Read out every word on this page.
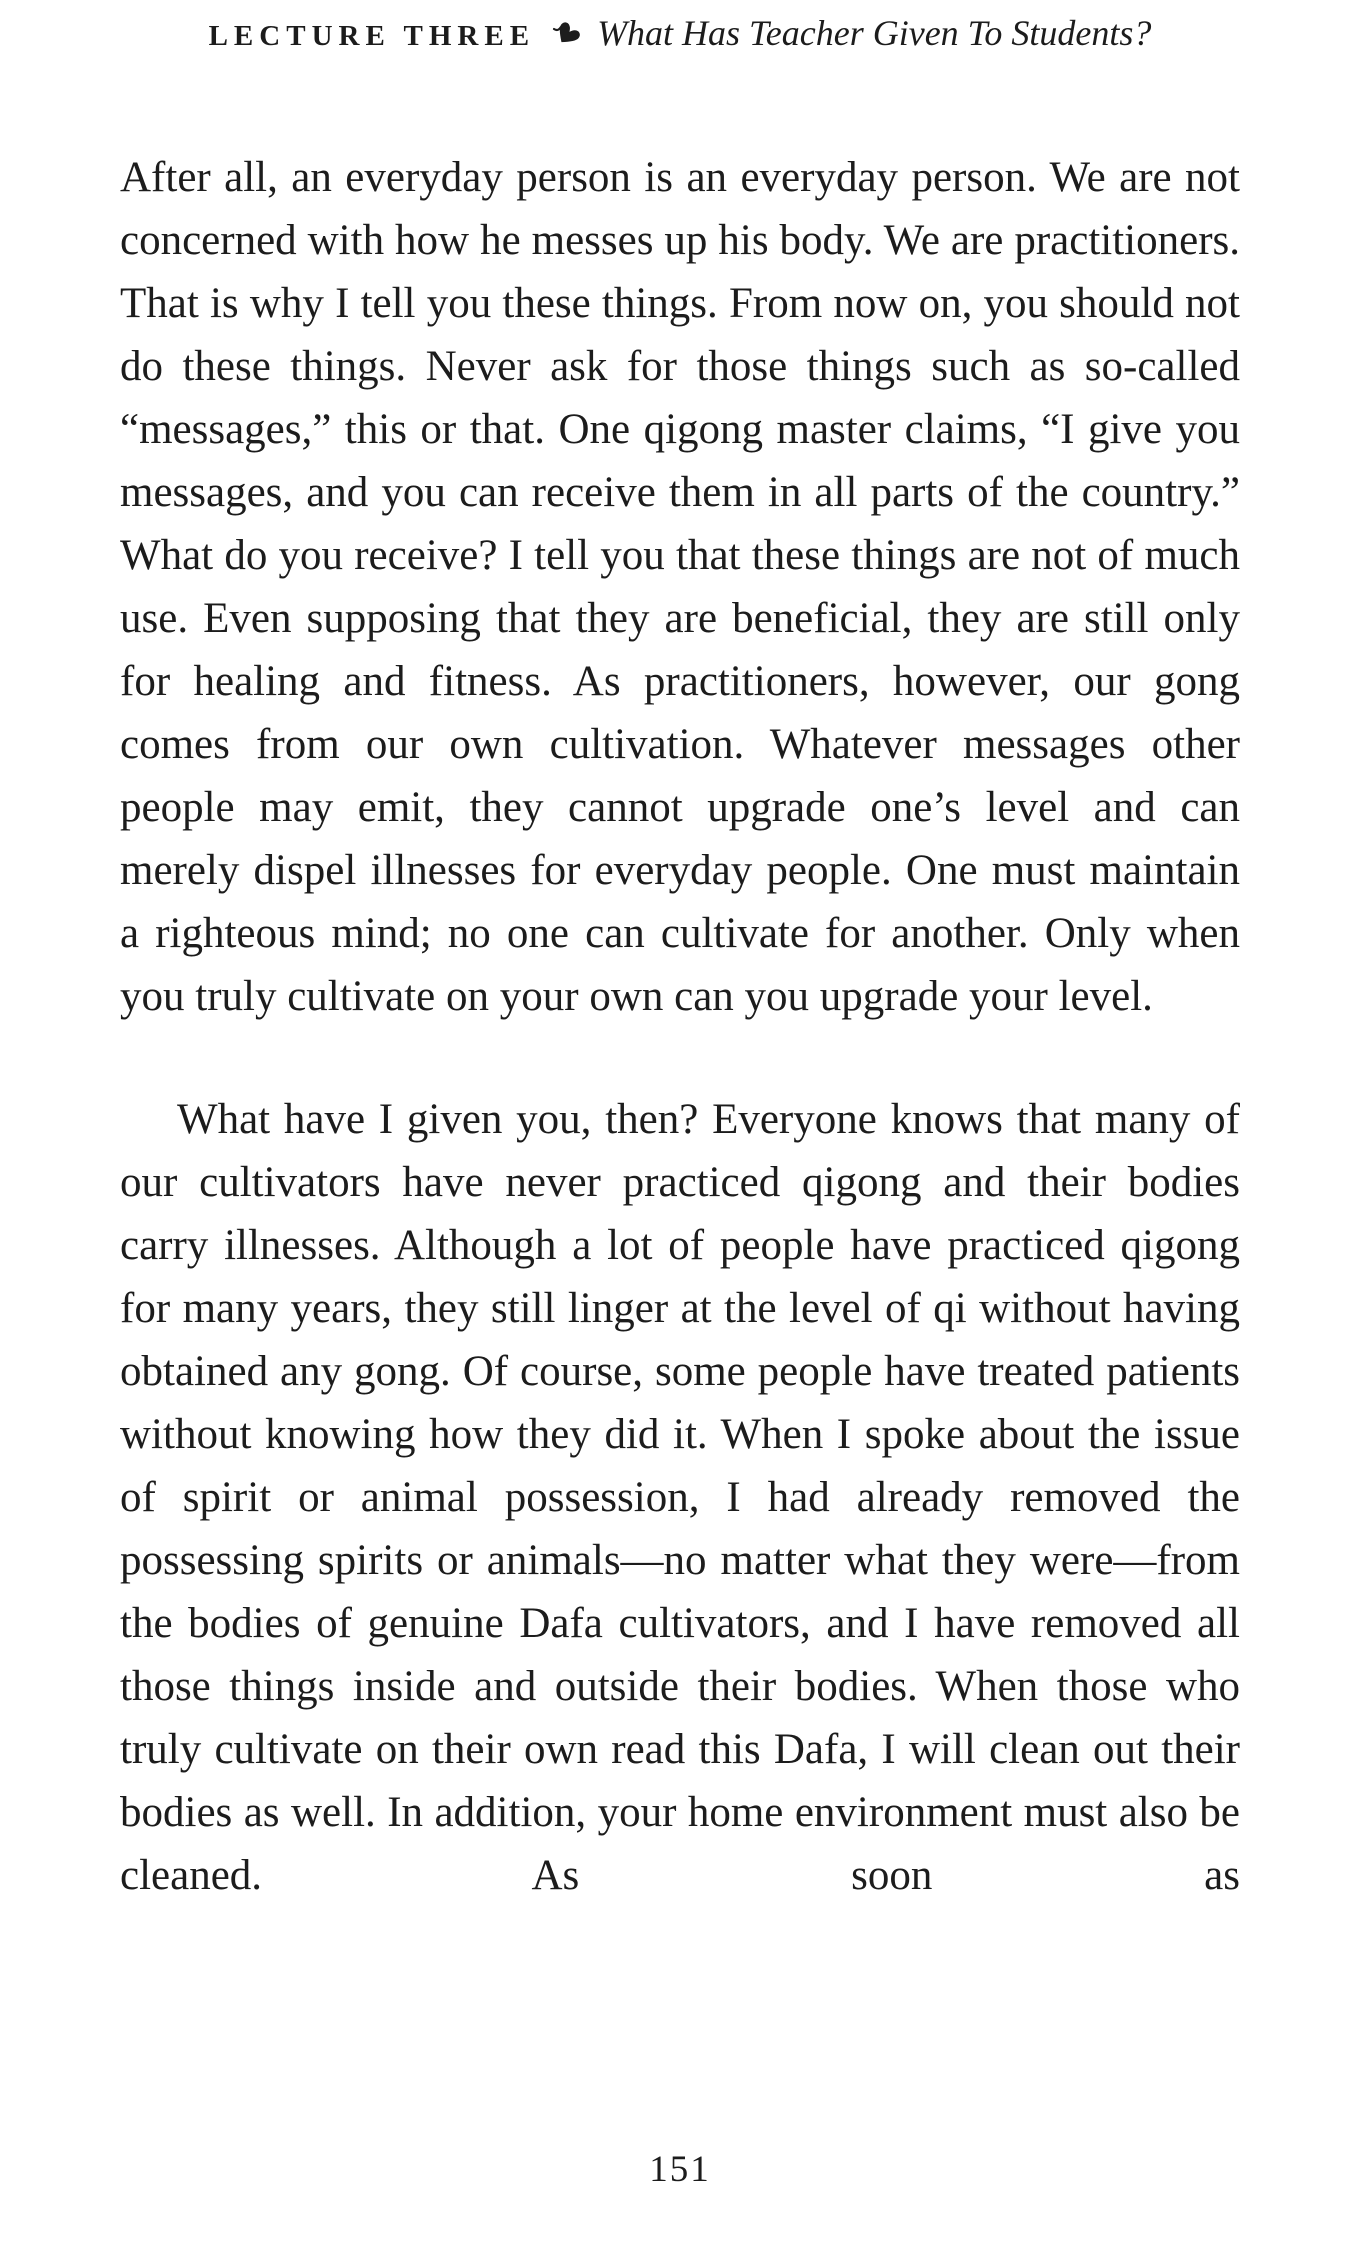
LECTURE THREE What Has Teacher Given To Students?

After all, an everyday person is an everyday person. We are not concerned with how he messes up his body. We are practitioners. That is why I tell you these things. From now on, you should not do these things. Never ask for those things such as so-called “messages,” this or that. One qigong master claims, “I give you messages, and you can receive them in all parts of the country.” What do you receive? I tell you that these things are not of much use. Even supposing that they are beneficial, they are still only for healing and fitness. As practitioners, however, our gong comes from our own cultivation. Whatever messages other people may emit, they cannot upgrade one’s level and can merely dispel illnesses for everyday people. One must maintain a righteous mind; no one can cultivate for another. Only when you truly cultivate on your own can you upgrade your level.

What have I given you, then? Everyone knows that many of our cultivators have never practiced qigong and their bodies carry illnesses. Although a lot of people have practiced qigong for many years, they still linger at the level of qi without having obtained any gong. Of course, some people have treated patients without knowing how they did it. When I spoke about the issue of spirit or animal possession, I had already removed the possessing spirits or animals—no matter what they were—from the bodies of genuine Dafa cultivators, and I have removed all those things inside and outside their bodies. When those who truly cultivate on their own read this Dafa, I will clean out their bodies as well. In addition, your home environment must also be cleaned. As soon as

151
